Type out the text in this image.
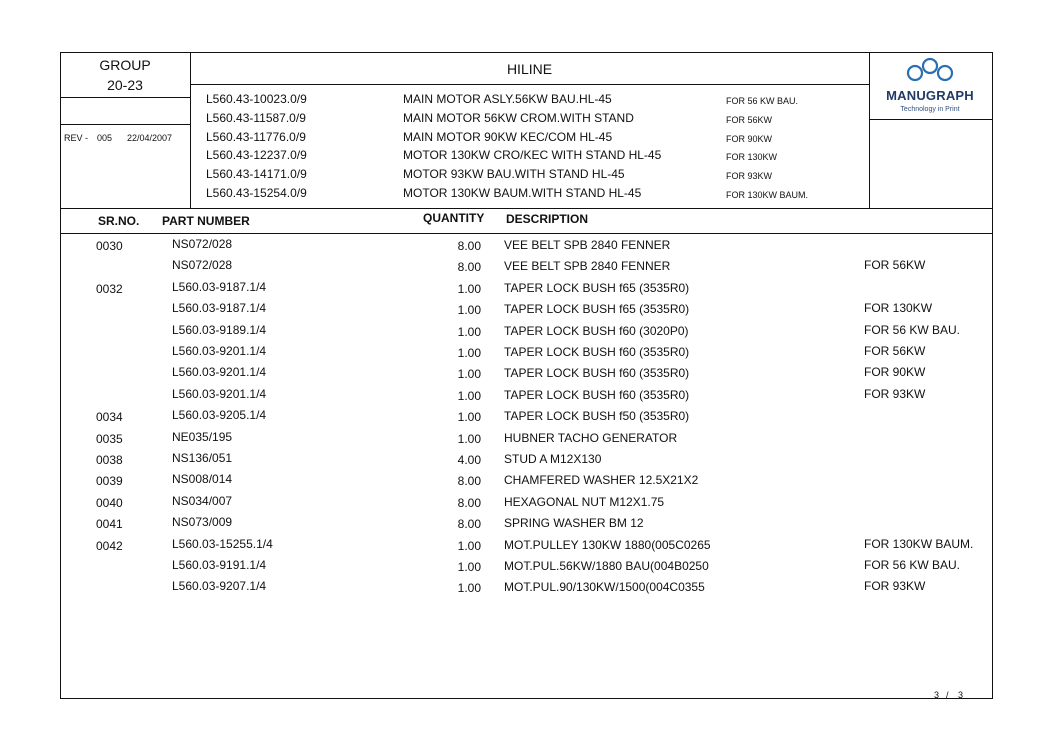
GROUP
20-23
REV - 005 22/04/2007
HILINE
MANUGRAPH
Technology in Print
L560.43-10023.0/9	MAIN MOTOR ASLY.56KW BAU.HL-45	FOR 56 KW BAU.
L560.43-11587.0/9	MAIN MOTOR 56KW CROM.WITH STAND	FOR 56KW
L560.43-11776.0/9	MAIN MOTOR 90KW KEC/COM HL-45	FOR 90KW
L560.43-12237.0/9	MOTOR 130KW CRO/KEC WITH STAND HL-45	FOR 130KW
L560.43-14171.0/9	MOTOR 93KW BAU.WITH STAND HL-45	FOR 93KW
L560.43-15254.0/9	MOTOR 130KW BAUM.WITH STAND HL-45	FOR 130KW BAUM.
SR.NO. PART NUMBER	QUANTITY DESCRIPTION
0030	NS072/028	8.00 VEE BELT SPB 2840 FENNER
NS072/028	8.00 VEE BELT SPB 2840 FENNER	FOR 56KW
0032	L560.03-9187.1/4	1.00 TAPER LOCK BUSH f65 (3535R0)
L560.03-9187.1/4	1.00 TAPER LOCK BUSH f65 (3535R0)	FOR 130KW
L560.03-9189.1/4	1.00 TAPER LOCK BUSH f60 (3020P0)	FOR 56 KW BAU.
L560.03-9201.1/4	1.00 TAPER LOCK BUSH f60 (3535R0)	FOR 56KW
L560.03-9201.1/4	1.00 TAPER LOCK BUSH f60 (3535R0)	FOR 90KW
L560.03-9201.1/4	1.00 TAPER LOCK BUSH f60 (3535R0)	FOR 93KW
0034	L560.03-9205.1/4	1.00 TAPER LOCK BUSH f50 (3535R0)
0035	NE035/195	1.00 HUBNER TACHO GENERATOR
0038	NS136/051	4.00 STUD A M12X130
0039	NS008/014	8.00 CHAMFERED WASHER 12.5X21X2
0040	NS034/007	8.00 HEXAGONAL NUT M12X1.75
0041	NS073/009	8.00 SPRING WASHER BM 12
0042	L560.03-15255.1/4	1.00 MOT.PULLEY 130KW 1880(005C0265	FOR 130KW BAUM.
L560.03-9191.1/4	1.00 MOT.PUL.56KW/1880 BAU(004B0250	FOR 56 KW BAU.
L560.03-9207.1/4	1.00 MOT.PUL.90/130KW/1500(004C0355	FOR 93KW
3 / 3
